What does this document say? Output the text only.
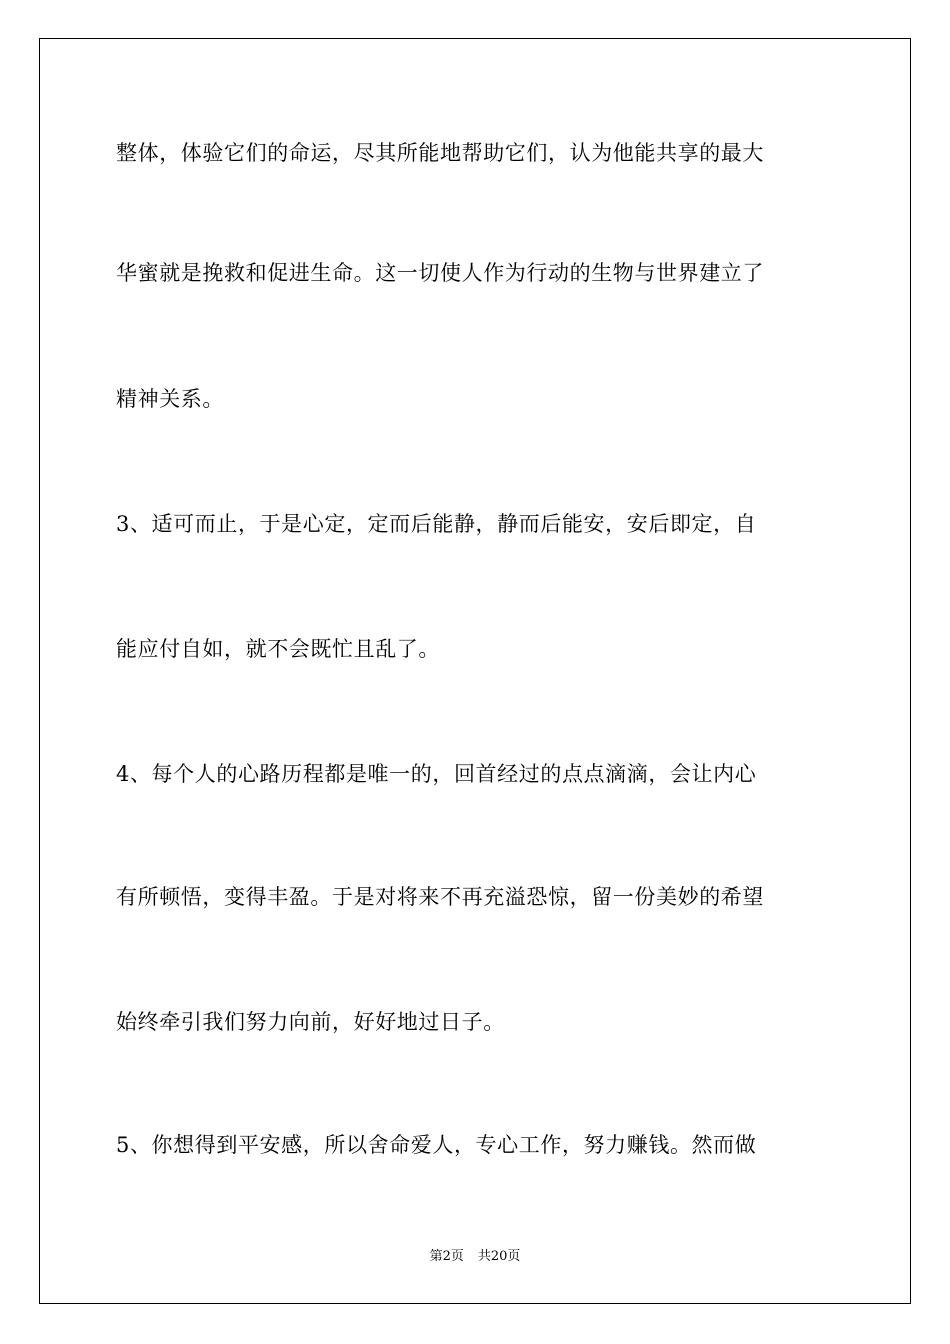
整体，体验它们的命运，尽其所能地帮助它们，认为他能共享的最大
华蜜就是挽救和促进生命。这一切使人作为行动的生物与世界建立了
精神关系。
3、适可而止，于是心定，定而后能静，静而后能安，安后即定，自
能应付自如，就不会既忙且乱了。
4、每个人的心路历程都是唯一的，回首经过的点点滴滴，会让内心
有所顿悟，变得丰盈。于是对将来不再充溢恐惊，留一份美妙的希望
始终牵引我们努力向前，好好地过日子。
5、你想得到平安感，所以舍命爱人，专心工作，努力赚钱。然而做
第2页 共20页
